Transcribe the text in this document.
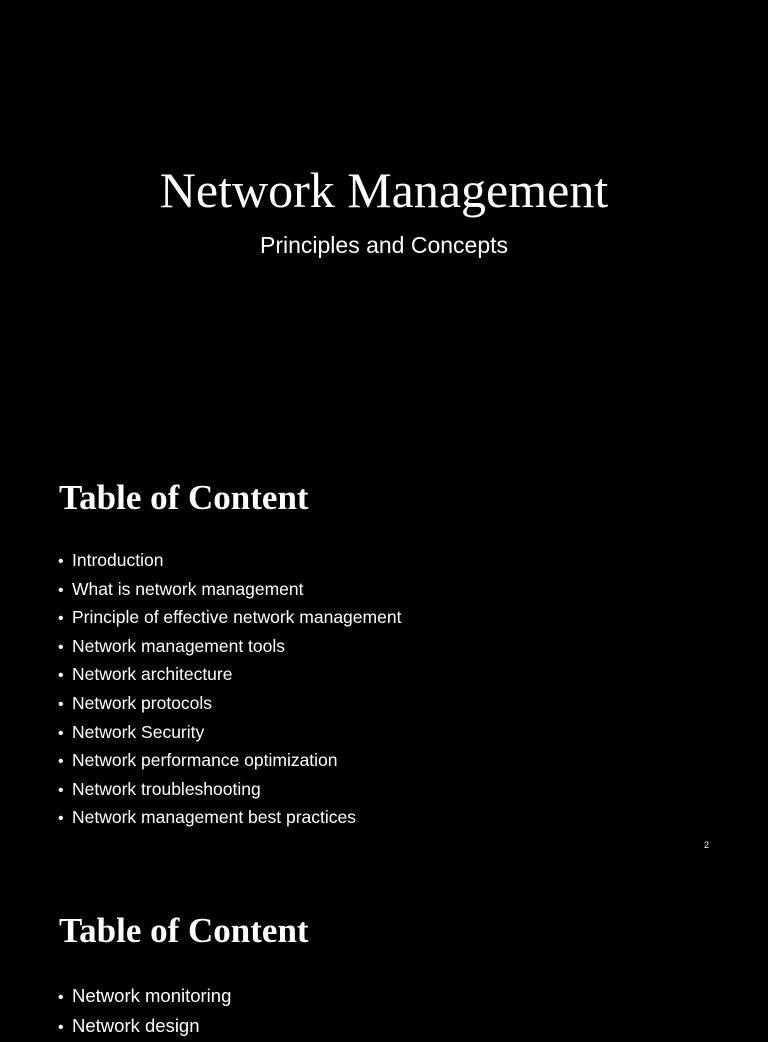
Network Management
Principles and Concepts
Table of Content
• Introduction
• What is network management
• Principle of effective network management
• Network management tools
• Network architecture
• Network protocols
• Network Security
• Network performance optimization
• Network troubleshooting
• Network management best practices
2
Table of Content
• Network monitoring
• Network design
